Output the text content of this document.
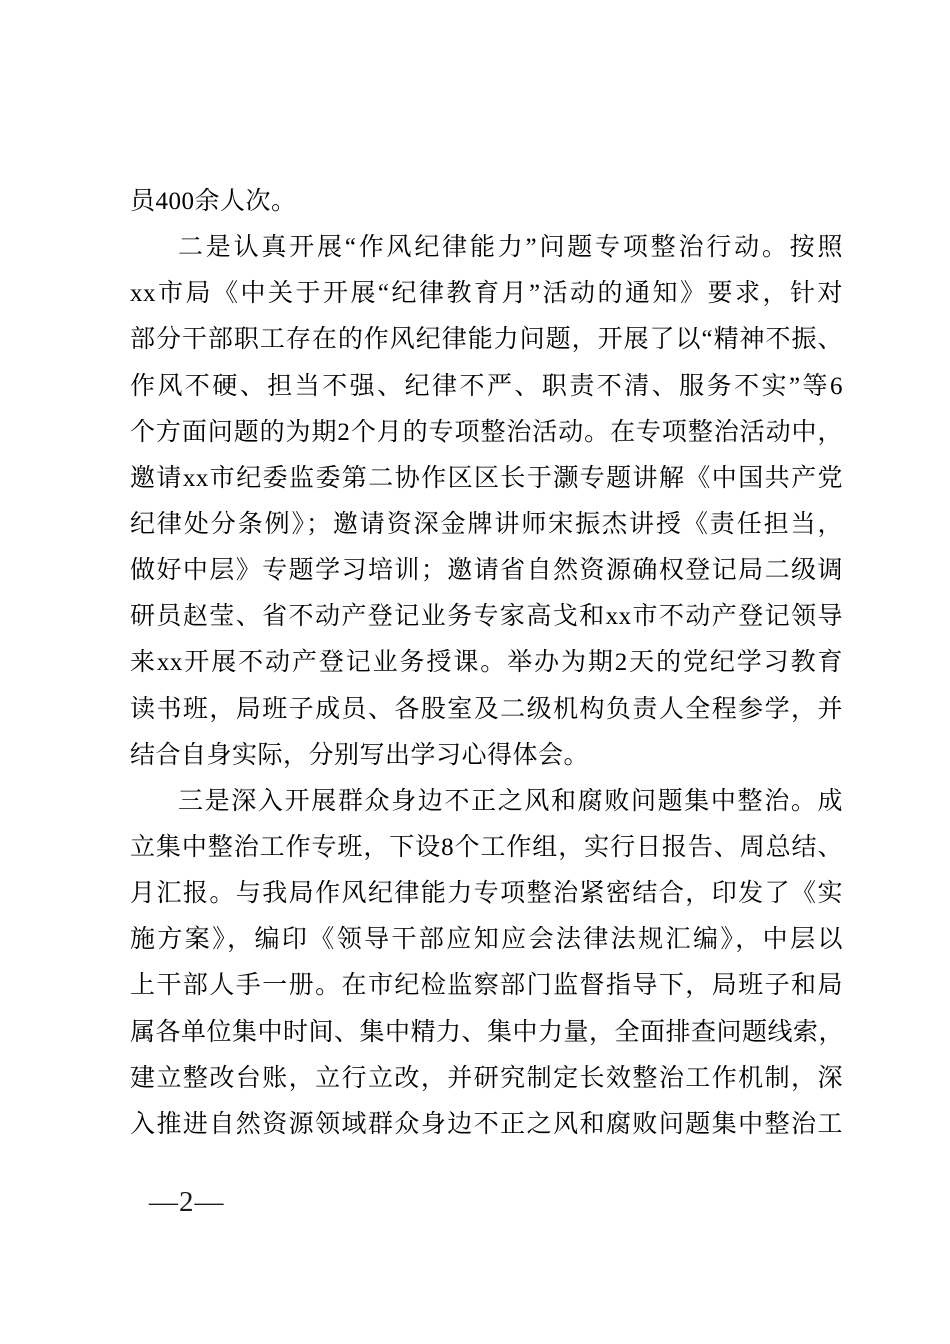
员400余人次。
二是认真开展“作风纪律能力”问题专项整治行动。按照
xx市局《中关于开展“纪律教育月”活动的通知》要求，针对
部分干部职工存在的作风纪律能力问题，开展了以“精神不振、
作风不硬、担当不强、纪律不严、职责不清、服务不实”等6
个方面问题的为期2个月的专项整治活动。在专项整治活动中，
邀请xx市纪委监委第二协作区区长于灏专题讲解《中国共产党
纪律处分条例》；邀请资深金牌讲师宋振杰讲授《责任担当，
做好中层》专题学习培训；邀请省自然资源确权登记局二级调
研员赵莹、省不动产登记业务专家高戈和xx市不动产登记领导
来xx开展不动产登记业务授课。举办为期2天的党纪学习教育
读书班，局班子成员、各股室及二级机构负责人全程参学，并
结合自身实际，分别写出学习心得体会。
三是深入开展群众身边不正之风和腐败问题集中整治。成
立集中整治工作专班，下设8个工作组，实行日报告、周总结、
月汇报。与我局作风纪律能力专项整治紧密结合，印发了《实
施方案》，编印《领导干部应知应会法律法规汇编》，中层以
上干部人手一册。在市纪检监察部门监督指导下，局班子和局
属各单位集中时间、集中精力、集中力量，全面排查问题线索，
建立整改台账，立行立改，并研究制定长效整治工作机制，深
入推进自然资源领域群众身边不正之风和腐败问题集中整治工
—2—
